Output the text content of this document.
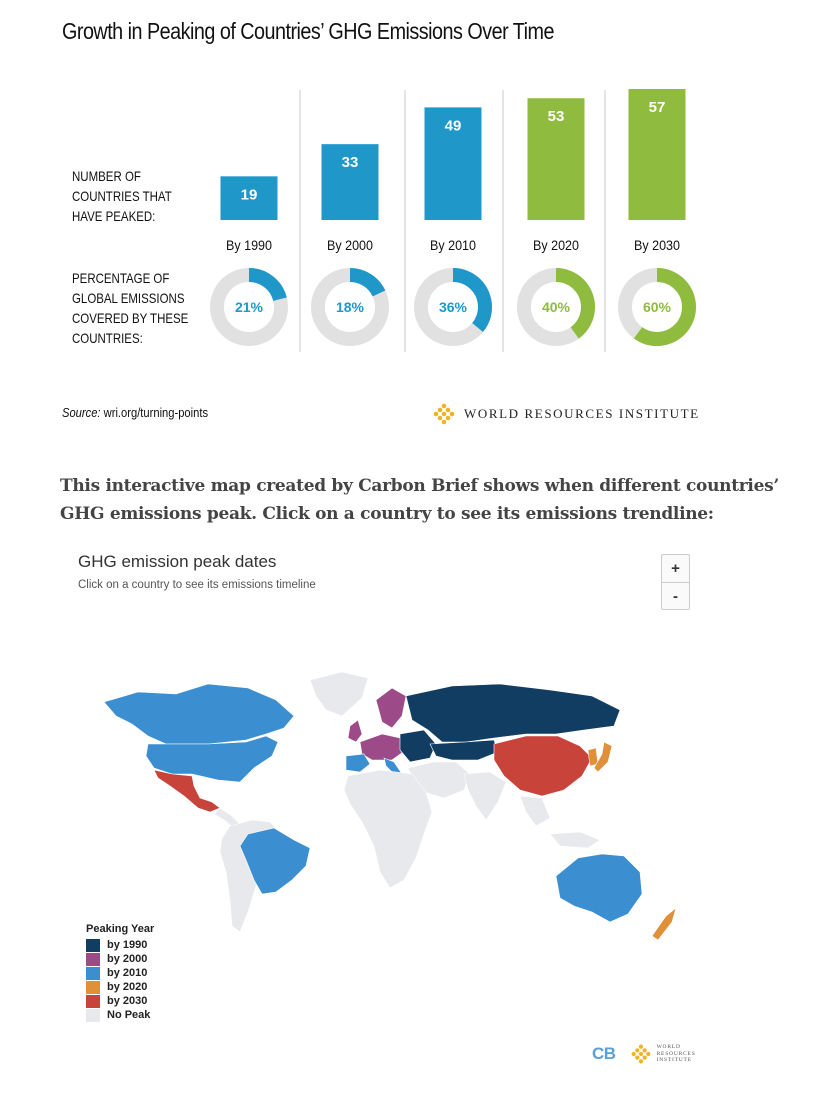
Growth in Peaking of Countries’ GHG Emissions Over Time
NUMBER OF
COUNTRIES THAT
HAVE PEAKED:
PERCENTAGE OF
GLOBAL EMISSIONS
COVERED BY THESE
COUNTRIES:
19
By 1990
21%
33
By 2000
18%
49
By 2010
36%
53
By 2020
40%
57
By 2030
60%
Source: wri.org/turning-points	WORLD RESOURCES INSTITUTE
This interactive map created by Carbon Brief shows when different countries’
GHG emissions peak. Click on a country to see its emissions trendline:
GHG emission peak dates
Click on a country to see its emissions timeline
+
-
Peaking Year
by 1990
by 2000
by 2010
by 2020
by 2030
No Peak
CB	WORLD
RESOURCES
INSTITUTE
